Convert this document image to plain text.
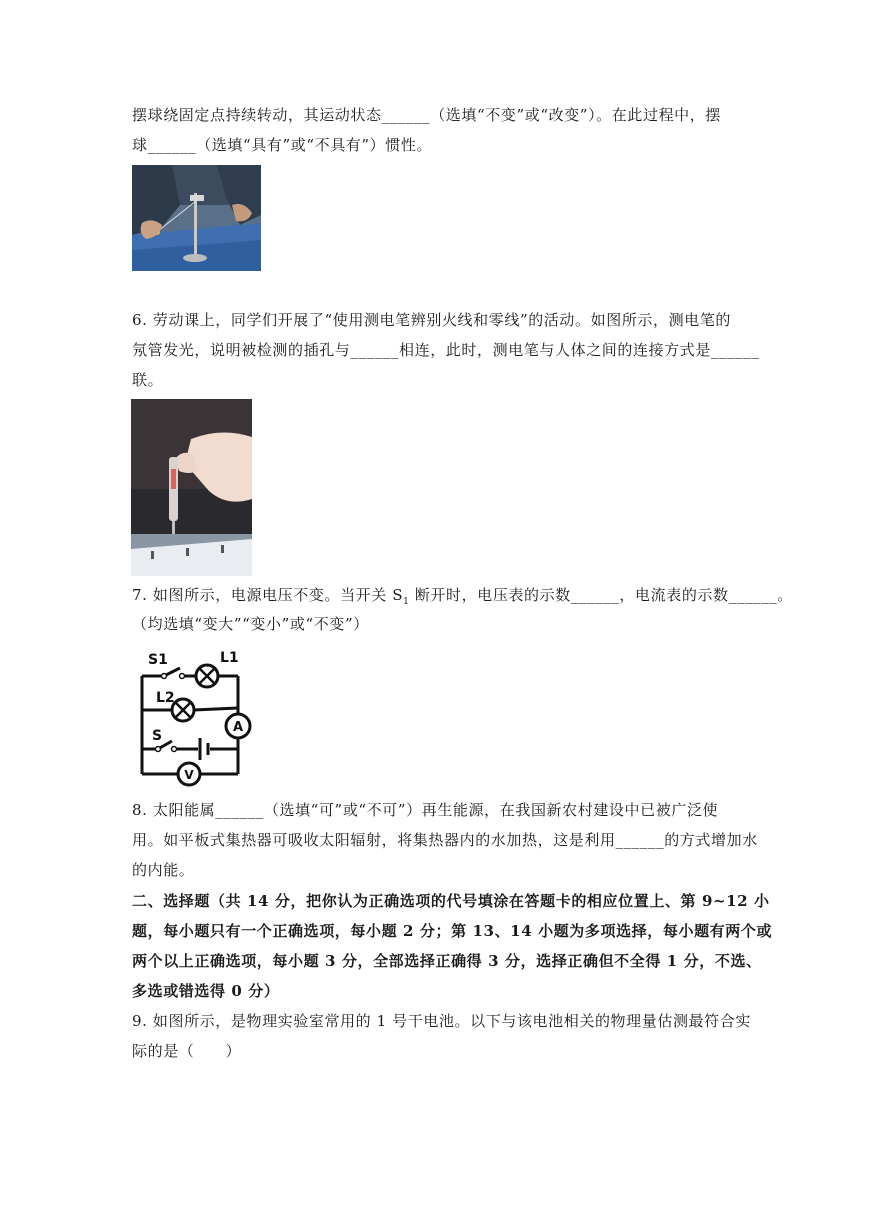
摆球绕固定点持续转动，其运动状态______（选填“不变”或“改变”）。在此过程中，摆
球______（选填“具有”或“不具有”）惯性。
6. 劳动课上，同学们开展了“使用测电笔辨别火线和零线”的活动。如图所示，测电笔的
氖管发光，说明被检测的插孔与______相连，此时，测电笔与人体之间的连接方式是______
联。
7. 如图所示，电源电压不变。当开关 $S_1$ 断开时，电压表的示数______，电流表的示数______。
（均选填“变大”“变小”或“不变”）
A
V
S1	L1
L2
S
8. 太阳能属______（选填“可”或“不可”）再生能源，在我国新农村建设中已被广泛使
用。如平板式集热器可吸收太阳辐射，将集热器内的水加热，这是利用______的方式增加水
的内能。
二、选择题（共 14 分，把你认为正确选项的代号填涂在答题卡的相应位置上、第 9~12 小
题，每小题只有一个正确选项，每小题 2 分；第 13、14 小题为多项选择，每小题有两个或
两个以上正确选项，每小题 3 分，全部选择正确得 3 分，选择正确但不全得 1 分，不选、
多选或错选得 0 分）
9. 如图所示，是物理实验室常用的 1 号干电池。以下与该电池相关的物理量估测最符合实
际的是（　　）
